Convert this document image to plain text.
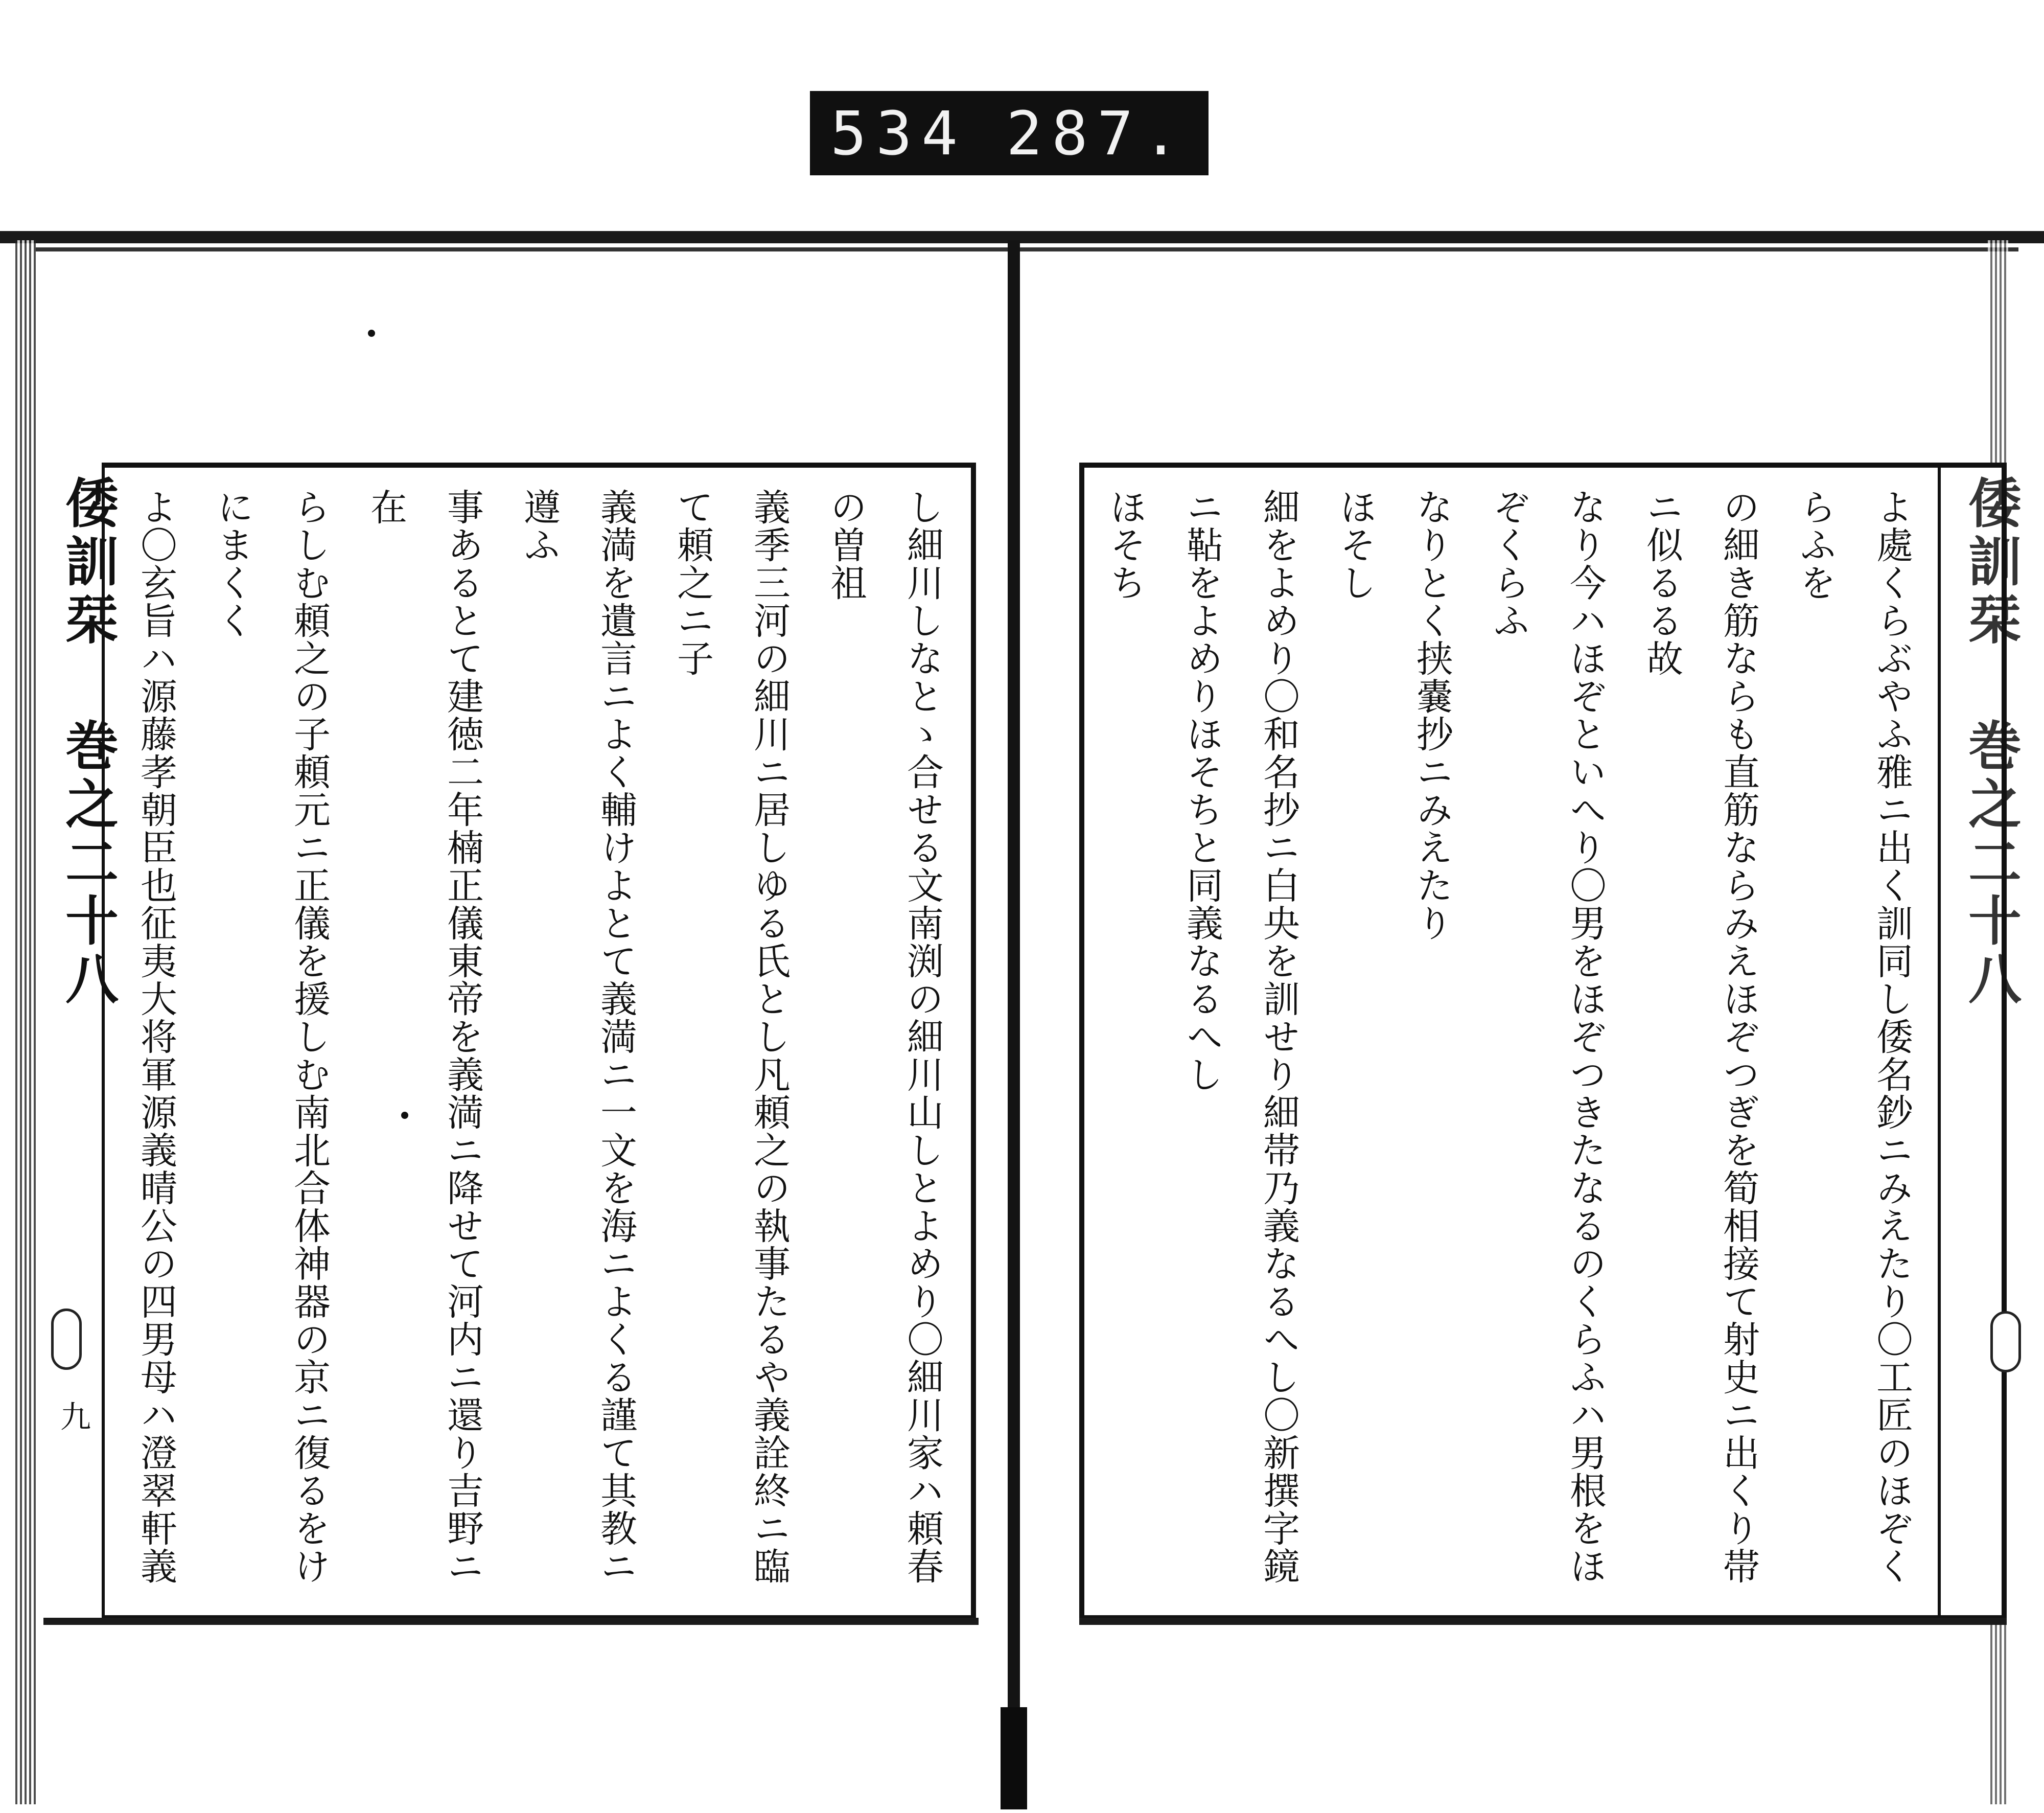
534 287.
し細川しなとゝ合せる文南渕の細川山しとよめり〇細川家ハ頼春の曽祖
義季三河の細川ニ居しゆる氏とし凡頼之の執事たるや義詮終ニ臨て頼之ニ子
義満を遺言ニよく輔けよとて義満ニ一文を海ニよくる謹て其教ニ遵ふ
事あるとて建徳二年楠正儀東帝を義満ニ降せて河内ニ還り吉野ニ在
らしむ頼之の子頼元ニ正儀を援しむ南北合体神器の京ニ復るをけにまくく
よ〇玄旨ハ源藤孝朝臣也征夷大将軍源義晴公の四男母ハ澄翠軒義
倭訓栞 巻之二十八
九	よ處くらぶやふ雅ニ出く訓同し倭名鈔ニみえたり〇工匠のほぞくらふを
の細き筋ならも直筋ならみえほぞつぎを筍相接て射史ニ出くり帯ニ似るる故
なり今ハほぞといへり〇男をほぞつきたなるのくらふハ男根をほぞくらふ
なりとく挟嚢抄ニみえたり
ほそし
細をよめり〇和名抄ニ白央を訓せり細帯乃義なるへし〇新撰字鏡
ニ䩞をよめりほそちと同義なるへし
ほそち	倭訓栞 巻之二十八
